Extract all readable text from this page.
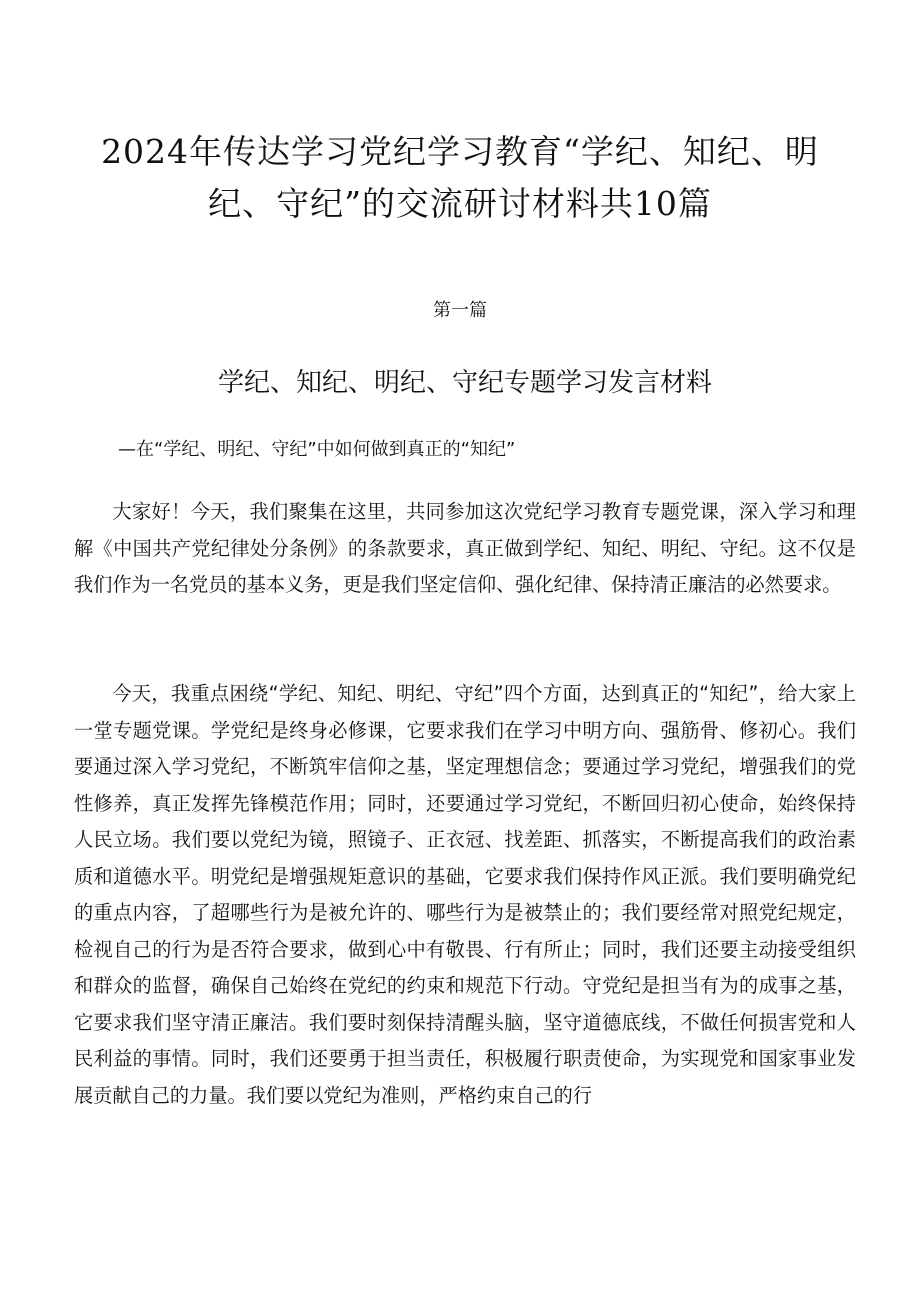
2024年传达学习党纪学习教育“学纪、知纪、明
纪、守纪”的交流研讨材料共10篇
第一篇
学纪、知纪、明纪、守纪专题学习发言材料
—在“学纪、明纪、守纪”中如何做到真正的“知纪”

大家好！今天，我们聚集在这里，共同参加这次党纪学习教育专题党课，深入学习和理解《中国共产党纪律处分条例》的条款要求，真正做到学纪、知纪、明纪、守纪。这不仅是我们作为一名党员的基本义务，更是我们坚定信仰、强化纪律、保持清正廉洁的必然要求。

今天，我重点困绕“学纪、知纪、明纪、守纪”四个方面，达到真正的“知纪”，给大家上一堂专题党课。学党纪是终身必修课，它要求我们在学习中明方向、强筋骨、修初心。我们要通过深入学习党纪，不断筑牢信仰之基，坚定理想信念；要通过学习党纪，增强我们的党性修养，真正发挥先锋模范作用；同时，还要通过学习党纪，不断回归初心使命，始终保持人民立场。我们要以党纪为镜，照镜子、正衣冠、找差距、抓落实，不断提高我们的政治素质和道德水平。明党纪是增强规矩意识的基础，它要求我们保持作风正派。我们要明确党纪的重点内容，了超哪些行为是被允许的、哪些行为是被禁止的；我们要经常对照党纪规定，检视自己的行为是否符合要求，做到心中有敬畏、行有所止；同时，我们还要主动接受组织和群众的监督，确保自己始终在党纪的约束和规范下行动。守党纪是担当有为的成事之基，它要求我们坚守清正廉洁。我们要时刻保持清醒头脑，坚守道德底线，不做任何损害党和人民利益的事情。同时，我们还要勇于担当责任，积极履行职责使命，为实现党和国家事业发展贡献自己的力量。我们要以党纪为准则，严格约束自己的行
